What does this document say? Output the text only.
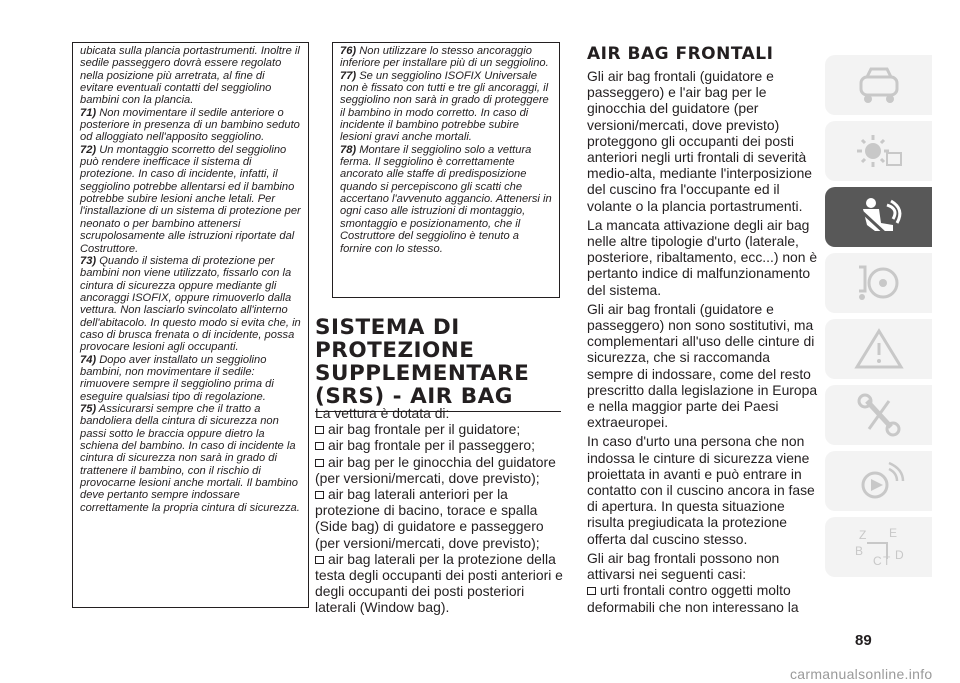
ubicata sulla plancia portastrumenti. Inoltre il sedile passeggero dovrà essere regolato nella posizione più arretrata, al fine di evitare eventuali contatti del seggiolino bambini con la plancia.

71) Non movimentare il sedile anteriore o posteriore in presenza di un bambino seduto od alloggiato nell'apposito seggiolino.

72) Un montaggio scorretto del seggiolino può rendere inefficace il sistema di protezione. In caso di incidente, infatti, il seggiolino potrebbe allentarsi ed il bambino potrebbe subire lesioni anche letali. Per l'installazione di un sistema di protezione per neonato o per bambino attenersi scrupolosamente alle istruzioni riportate dal Costruttore.

73) Quando il sistema di protezione per bambini non viene utilizzato, fissarlo con la cintura di sicurezza oppure mediante gli ancoraggi ISOFIX, oppure rimuoverlo dalla vettura. Non lasciarlo svincolato all'interno dell'abitacolo. In questo modo si evita che, in caso di brusca frenata o di incidente, possa provocare lesioni agli occupanti.

74) Dopo aver installato un seggiolino bambini, non movimentare il sedile: rimuovere sempre il seggiolino prima di eseguire qualsiasi tipo di regolazione.

75) Assicurarsi sempre che il tratto a bandoliera della cintura di sicurezza non passi sotto le braccia oppure dietro la schiena del bambino. In caso di incidente la cintura di sicurezza non sarà in grado di trattenere il bambino, con il rischio di provocarne lesioni anche mortali. Il bambino deve pertanto sempre indossare correttamente la propria cintura di sicurezza.

76) Non utilizzare lo stesso ancoraggio inferiore per installare più di un seggiolino.

77) Se un seggiolino ISOFIX Universale non è fissato con tutti e tre gli ancoraggi, il seggiolino non sarà in grado di proteggere il bambino in modo corretto. In caso di incidente il bambino potrebbe subire lesioni gravi anche mortali.

78) Montare il seggiolino solo a vettura ferma. Il seggiolino è correttamente ancorato alle staffe di predisposizione quando si percepiscono gli scatti che accertano l'avvenuto aggancio. Attenersi in ogni caso alle istruzioni di montaggio, smontaggio e posizionamento, che il Costruttore del seggiolino è tenuto a fornire con lo stesso.

SISTEMA DI PROTEZIONE SUPPLEMENTARE (SRS) - AIR BAG

La vettura è dotata di:

air bag frontale per il guidatore;

air bag frontale per il passeggero;

air bag per le ginocchia del guidatore (per versioni/mercati, dove previsto);

air bag laterali anteriori per la protezione di bacino, torace e spalla (Side bag) di guidatore e passeggero (per versioni/mercati, dove previsto);

air bag laterali per la protezione della testa degli occupanti dei posti anteriori e degli occupanti dei posti posteriori laterali (Window bag).

AIR BAG FRONTALI

Gli air bag frontali (guidatore e passeggero) e l'air bag per le ginocchia del guidatore (per versioni/mercati, dove previsto) proteggono gli occupanti dei posti anteriori negli urti frontali di severità medio-alta, mediante l'interposizione del cuscino fra l'occupante ed il volante o la plancia portastrumenti.

La mancata attivazione degli air bag nelle altre tipologie d'urto (laterale, posteriore, ribaltamento, ecc...) non è pertanto indice di malfunzionamento del sistema.

Gli air bag frontali (guidatore e passeggero) non sono sostitutivi, ma complementari all'uso delle cinture di sicurezza, che si raccomanda sempre di indossare, come del resto prescritto dalla legislazione in Europa e nella maggior parte dei Paesi extraeuropei.

In caso d'urto una persona che non indossa le cinture di sicurezza viene proiettata in avanti e può entrare in contatto con il cuscino ancora in fase di apertura. In questa situazione risulta pregiudicata la protezione offerta dal cuscino stesso.

Gli air bag frontali possono non attivarsi nei seguenti casi:

urti frontali contro oggetti molto deformabili che non interessano la

Z E
B
C T D
89
carmanualsonline.info
